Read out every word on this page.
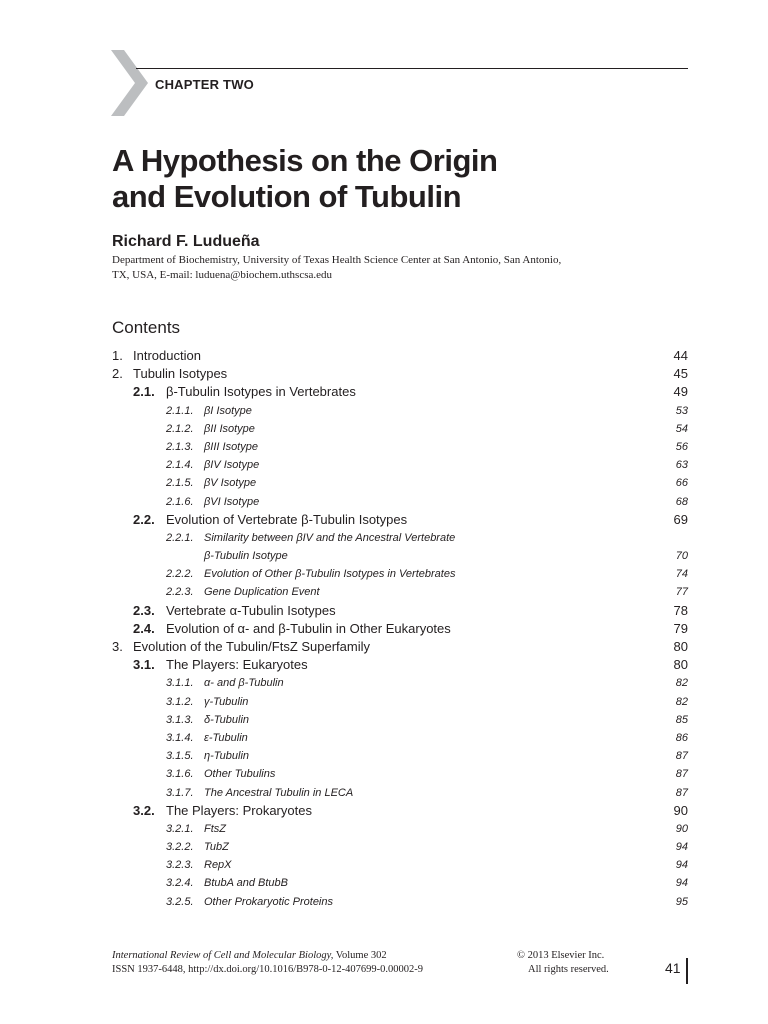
CHAPTER TWO
A Hypothesis on the Origin
and Evolution of Tubulin
Richard F. Ludueña
Department of Biochemistry, University of Texas Health Science Center at San Antonio, San Antonio,
TX, USA, E-mail: luduena@biochem.uthscsa.edu
Contents
1. Introduction	44
2. Tubulin Isotypes	45
2.1. β-Tubulin Isotypes in Vertebrates	49
2.1.1. βI Isotype	53
2.1.2. βII Isotype	54
2.1.3. βIII Isotype	56
2.1.4. βIV Isotype	63
2.1.5. βV Isotype	66
2.1.6. βVI Isotype	68
2.2. Evolution of Vertebrate β-Tubulin Isotypes	69
2.2.1. Similarity between βIV and the Ancestral Vertebrate
β-Tubulin Isotype	70
2.2.2. Evolution of Other β-Tubulin Isotypes in Vertebrates	74
2.2.3. Gene Duplication Event	77
2.3. Vertebrate α-Tubulin Isotypes	78
2.4. Evolution of α- and β-Tubulin in Other Eukaryotes	79
3. Evolution of the Tubulin/FtsZ Superfamily	80
3.1. The Players: Eukaryotes	80
3.1.1. α- and β-Tubulin	82
3.1.2. γ-Tubulin	82
3.1.3. δ-Tubulin	85
3.1.4. ε-Tubulin	86
3.1.5. η-Tubulin	87
3.1.6. Other Tubulins	87
3.1.7. The Ancestral Tubulin in LECA	87
3.2. The Players: Prokaryotes	90
3.2.1. FtsZ	90
3.2.2. TubZ	94
3.2.3. RepX	94
3.2.4. BtubA and BtubB	94
3.2.5. Other Prokaryotic Proteins	95
International Review of Cell and Molecular Biology, Volume 302
ISSN 1937-6448, http://dx.doi.org/10.1016/B978-0-12-407699-0.00002-9
© 2013 Elsevier Inc.
All rights reserved.	41
